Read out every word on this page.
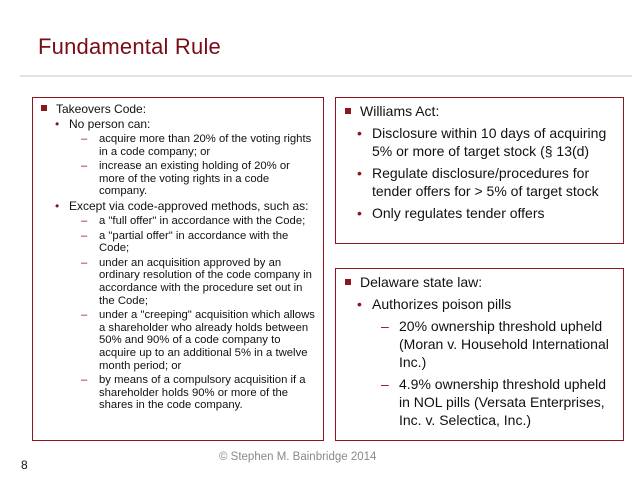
Fundamental Rule
Takeovers Code:
• No person can:
– acquire more than 20% of the voting rights in a code company; or
– increase an existing holding of 20% or more of the voting rights in a code company.
• Except via code-approved methods, such as:
– a "full offer" in accordance with the Code;
– a "partial offer" in accordance with the Code;
– under an acquisition approved by an ordinary resolution of the code company in accordance with the procedure set out in the Code;
– under a "creeping" acquisition which allows a shareholder who already holds between 50% and 90% of a code company to acquire up to an additional 5% in a twelve month period; or
– by means of a compulsory acquisition if a shareholder holds 90% or more of the shares in the code company.
Williams Act:
• Disclosure within 10 days of acquiring 5% or more of target stock (§ 13(d)
• Regulate disclosure/procedures for tender offers for > 5% of target stock
• Only regulates tender offers
Delaware state law:
• Authorizes poison pills
– 20% ownership threshold upheld (Moran v. Household International Inc.)
– 4.9% ownership threshold upheld in NOL pills (Versata Enterprises, Inc. v. Selectica, Inc.)
8
© Stephen M. Bainbridge 2014
